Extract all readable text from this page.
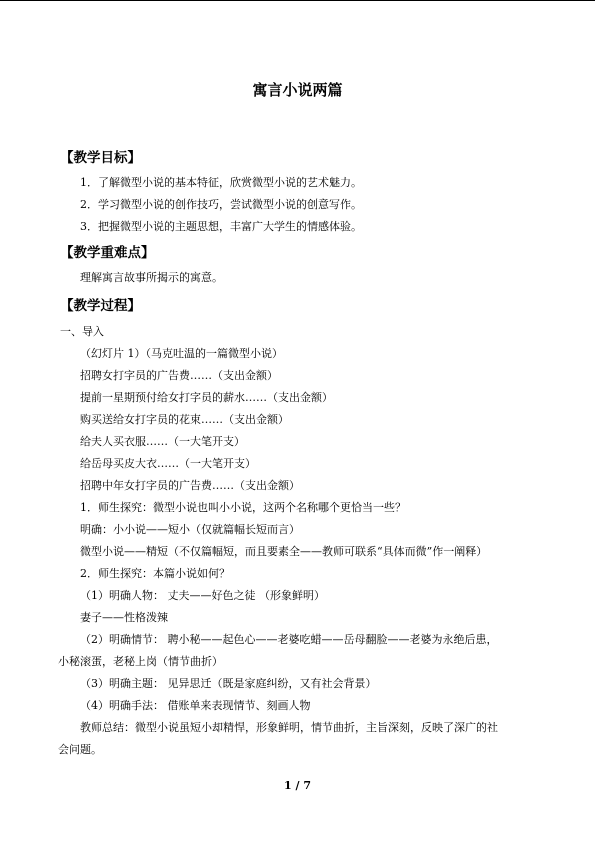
寓言小说两篇
【教学目标】
1．了解微型小说的基本特征，欣赏微型小说的艺术魅力。
2．学习微型小说的创作技巧，尝试微型小说的创意写作。
3．把握微型小说的主题思想，丰富广大学生的情感体验。
【教学重难点】
理解寓言故事所揭示的寓意。
【教学过程】
一、导入
（幻灯片 1）（马克吐温的一篇微型小说）
招聘女打字员的广告费……（支出金额）
提前一星期预付给女打字员的薪水……（支出金额）
购买送给女打字员的花束……（支出金额）
给夫人买衣服……（一大笔开支）
给岳母买皮大衣……（一大笔开支）
招聘中年女打字员的广告费……（支出金额）
1．师生探究：微型小说也叫小小说，这两个名称哪个更恰当一些？
明确：小小说——短小（仅就篇幅长短而言）
微型小说——精短（不仅篇幅短，而且要素全——教师可联系“具体而微”作一阐释）
2．师生探究：本篇小说如何？
（1）明确人物： 丈夫——好色之徒 （形象鲜明）
妻子——性格泼辣
（2）明确情节： 聘小秘——起色心——老婆吃蜡——岳母翻脸——老婆为永绝后患，
小秘滚蛋，老秘上岗（情节曲折）
（3）明确主题： 见异思迁（既是家庭纠纷，又有社会背景）
（4）明确手法： 借账单来表现情节、刻画人物
教师总结：微型小说虽短小却精悍，形象鲜明，情节曲折，主旨深刻，反映了深广的社
会问题。
1 / 7
